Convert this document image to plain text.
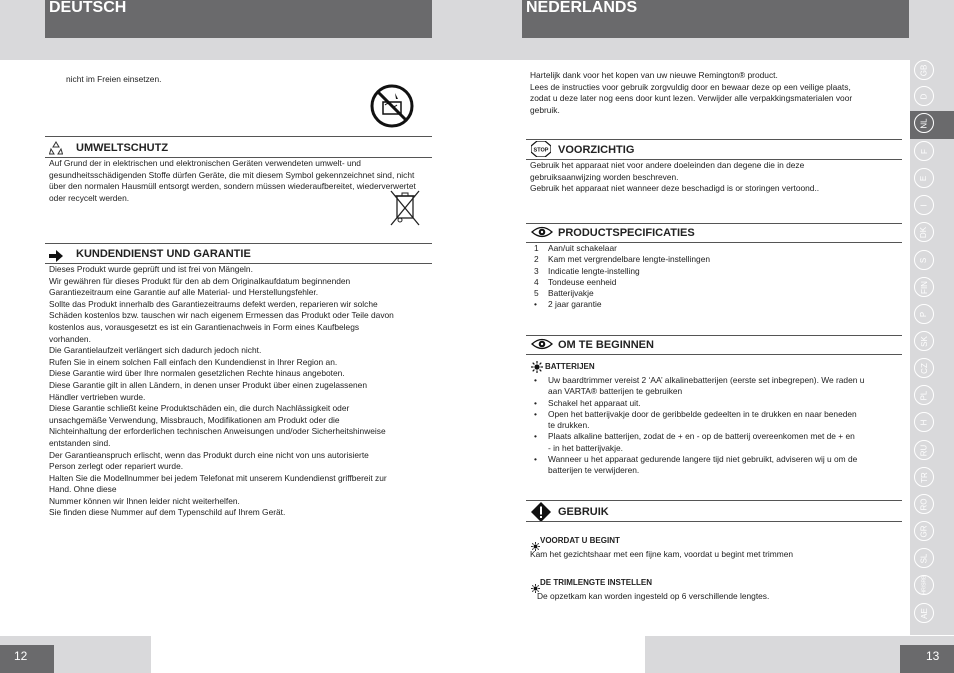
DEUTSCH	NEDERLANDS
nicht im Freien einsetzen.
UMWELTSCHUTZ
Auf Grund der in elektrischen und elektronischen Geräten verwendeten umwelt- und gesundheitsschädigenden Stoffe dürfen Geräte, die mit diesem Symbol gekennzeichnet sind, nicht über den normalen Hausmüll entsorgt werden, sondern müssen wiederaufbereitet, wiederverwertet oder recycelt werden.
KUNDENDIENST UND GARANTIE
Dieses Produkt wurde geprüft und ist frei von Mängeln.
Wir gewähren für dieses Produkt für den ab dem Originalkaufdatum beginnenden
Garantiezeitraum eine Garantie auf alle Material- und Herstellungsfehler.
Sollte das Produkt innerhalb des Garantiezeitraums defekt werden, reparieren wir solche
Schäden kostenlos bzw. tauschen wir nach eigenem Ermessen das Produkt oder Teile davon
kostenlos aus, vorausgesetzt es ist ein Garantienachweis in Form eines Kaufbelegs
vorhanden.
Die Garantielaufzeit verlängert sich dadurch jedoch nicht.
Rufen Sie in einem solchen Fall einfach den Kundendienst in Ihrer Region an.
Diese Garantie wird über Ihre normalen gesetzlichen Rechte hinaus angeboten.
Diese Garantie gilt in allen Ländern, in denen unser Produkt über einen zugelassenen
Händler vertrieben wurde.
Diese Garantie schließt keine Produktschäden ein, die durch Nachlässigkeit oder
unsachgemäße Verwendung, Missbrauch, Modifikationen am Produkt oder die
Nichteinhaltung der erforderlichen technischen Anweisungen und/oder Sicherheitshinweise
entstanden sind.
Der Garantieanspruch erlischt, wenn das Produkt durch eine nicht von uns autorisierte
Person zerlegt oder repariert wurde.
Halten Sie die Modellnummer bei jedem Telefonat mit unserem Kundendienst griffbereit zur
Hand. Ohne diese
Nummer können wir Ihnen leider nicht weiterhelfen.
Sie finden diese Nummer auf dem Typenschild auf Ihrem Gerät.
Hartelijk dank voor het kopen van uw nieuwe Remington® product.
Lees de instructies voor gebruik zorgvuldig door en bewaar deze op een veilige plaats,
zodat u deze later nog eens door kunt lezen. Verwijder alle verpakkingsmaterialen voor
gebruik.
STOP VOORZICHTIG
Gebruik het apparaat niet voor andere doeleinden dan degene die in deze
gebruiksaanwijzing worden beschreven.
Gebruik het apparaat niet wanneer deze beschadigd is or storingen vertoond..
PRODUCTSPECIFICATIES
1 Aan/uit schakelaar
2 Kam met vergrendelbare lengte-instellingen
3 Indicatie lengte-instelling
4 Tondeuse eenheid
5 Batterijvakje
• 2 jaar garantie
OM TE BEGINNEN
BATTERIJEN
• Uw baardtrimmer vereist 2 ‘AA’ alkalinebatterijen (eerste set inbegrepen). We raden u
aan VARTA® batterijen te gebruiken
• Schakel het apparaat uit.
• Open het batterijvakje door de geribbelde gedeelten in te drukken en naar beneden
te drukken.
• Plaats alkaline batterijen, zodat de + en - op de batterij overeenkomen met de + en
- in het batterijvakje.
• Wanneer u het apparaat gedurende langere tijd niet gebruikt, adviseren wij u om de
batterijen te verwijderen.
GEBRUIK
VOORDAT U BEGINT
Kam het gezichtshaar met een fijne kam, voordat u begint met trimmen
DE TRIMLENGTE INSTELLEN
De opzetkam kan worden ingesteld op 6 verschillende lengtes.
GB
D
NL
F
E
I
DK
S
FIN
P
SK
CZ
PL
H
RU
TR
RO
GR
SL
HR/SRB
AE
12	13
